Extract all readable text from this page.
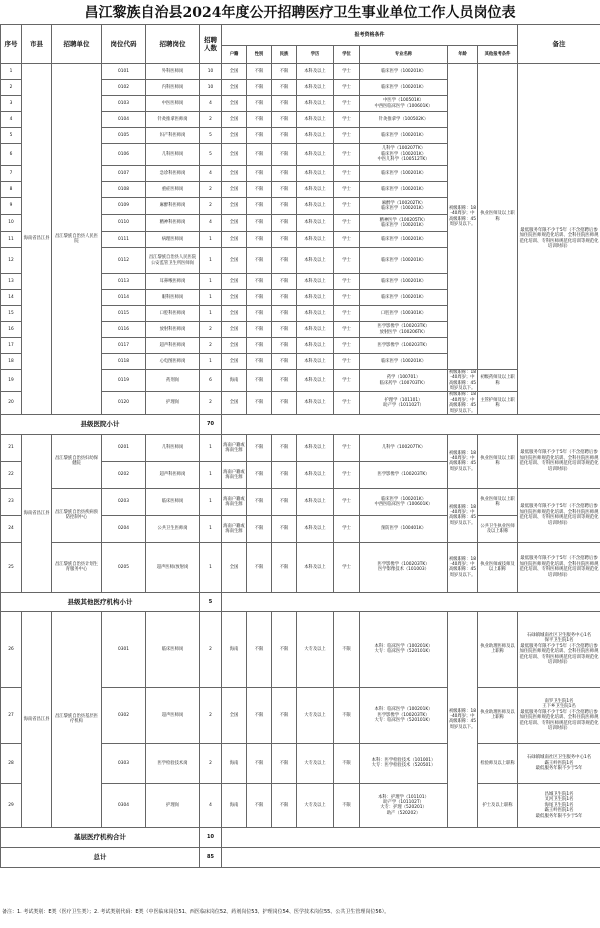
昌江黎族自治县2024年度公开招聘医疗卫生事业单位工作人员岗位表
序号	市县	招聘单位	岗位代码	招聘岗位	招聘人数	报考资格条件								备注
						户籍	性别	民族	学历	学位	专业名称	年龄	其他报考条件	
1	海南省昌江县	昌江黎族自治县人民医院	0101	外科医师岗	10	全国	不限	不限	本科及以上	学士	临床医学（100201K）	初级职称：18-40周岁；中高级职称：45周岁及以下。	执业医师及以上职称	最低服务年限不少于5年（不含招聘后参加住院医师规范化培训、全科住院医师规范化培训、专科医师规范化培训等规范化培训时间）
2			0102	内科医师岗	10	全国	不限	不限	本科及以上	学士	临床医学（100201K）			
3			0103	中医医师岗	4	全国	不限	不限	本科及以上	学士	中医学（100501K）
中西医临床医学（100601K）			
4			0104	针灸推拿医师岗	2	全国	不限	不限	本科及以上	学士	针灸推拿学（100502K）			
5			0105	妇产科医师岗	5	全国	不限	不限	本科及以上	学士	临床医学（100201K）			
6			0106	儿科医师岗	5	全国	不限	不限	本科及以上	学士	儿科学（100207TK）
临床医学（100201K）
中医儿科学（100512TK）			
7			0107	急诊科医师岗	4	全国	不限	不限	本科及以上	学士	临床医学（100201K）			
8			0108	重症医师岗	2	全国	不限	不限	本科及以上	学士	临床医学（100201K）			
9			0109	麻醉科医师岗	2	全国	不限	不限	本科及以上	学士	麻醉学（100202TK）
临床医学（100201K）			
10			0110	精神科医师岗	4	全国	不限	不限	本科及以上	学士	精神医学（100205TK）
临床医学（100201K）			
11			0111	病理医师岗	1	全国	不限	不限	本科及以上	学士	临床医学（100201K）			
12			0112	昌江黎族自治县人民医院公安监管卫生所医师岗	1	全国	不限	不限	本科及以上	学士	临床医学（100201K）			
13			0113	耳鼻喉医师岗	1	全国	不限	不限	本科及以上	学士	临床医学（100201K）			
14			0114	眼科医师岗	1	全国	不限	不限	本科及以上	学士	临床医学（100201K）			
15			0115	口腔科医师岗	1	全国	不限	不限	本科及以上	学士	口腔医学（100301K）			
16			0116	放射科医师岗	2	全国	不限	不限	本科及以上	学士	医学影像学（100203TK）
放射医学（100206TK）			
17			0117	超声科医师岗	2	全国	不限	不限	本科及以上	学士	医学影像学（100203TK）			
18			0118	心电图医师岗	1	全国	不限	不限	本科及以上	学士	临床医学（100201K）			
19			0119	药剂岗	6	海南	不限	不限	本科及以上	学士	药学（100701）
临床药学（100703TK）	初级职称：18-40周岁；中高级职称：45周岁及以下。	初级药师及以上职称	
20			0120	护理岗	2	全国	不限	不限	本科及以上	学士	护理学（101101）
助产学（101102T）	初级职称：18-40周岁；中高级职称：45周岁及以下。	主管护师及以上职称	
县级医院小计					70									
21	海南省昌江县	昌江黎族自治县妇幼保健院	0201	儿科医师岗	1	海南户籍或海南生源	不限	不限	本科及以上	学士	儿科学（100207TK）	初级职称：18-40周岁；中高级职称：45周岁及以下。	执业医师及以上职称	最低服务年限不少于5年（不含招聘后参加住院医师规范化培训、全科住院医师规范化培训、专科医师规范化培训等规范化培训时间）
22			0202	超声科医师岗	1	海南户籍或海南生源	不限	不限	本科及以上	学士	医学影像学（100203TK）			
23		昌江黎族自治县疾病预防控制中心	0203	临床医师岗	1	海南户籍或海南生源	不限	不限	本科及以上	学士	临床医学（100201K）
中西医临床医学（100601K）	初级职称：18-40周岁；中高级职称：45周岁及以下。	执业医师及以上职称	最低服务年限不少于5年（不含招聘后参加住院医师规范化培训、全科住院医师规范化培训、专科医师规范化培训等规范化培训时间）
24			0204	公共卫生医师岗	1	海南户籍或海南生源	不限	不限	本科及以上	学士	预防医学（100401K）		公共卫生执业医师及以上职称	
25		昌江黎族自治县计划生育服务中心	0205	超声医师/放射岗	1	全国	不限	不限	本科及以上	学士	医学影像学（100203TK）
医学影像技术（101003）	初级职称：18-40周岁；中高级职称：45周岁及以下。	执业医师或技师及以上职称	最低服务年限不少于5年（不含招聘后参加住院医师规范化培训、全科住院医师规范化培训、专科医师规范化培训等规范化培训时间）
县级其他医疗机构小计					5									
26	海南省昌江县	昌江黎族自治县基层医疗机构	0301	临床医师岗	2	海南	不限	不限	大专及以上	不限	本科：临床医学（100201K）
大专：临床医学（520101K）	初级职称：18-40周岁；中高级职称：45周岁及以下。	执业助理医师及以上职称	石碌镇城南社区卫生服务中心1名
保平卫生院1名
最低服务年限不少于5年（不含招聘后参加住院医师规范化培训、全科住院医师规范化培训、专科医师规范化培训等规范化培训时间）
27			0302	超声医师岗	2	全国	不限	不限	大专及以上	不限	本科：临床医学（100201K）
医学影像学（100203TK）
大专：临床医学（520101K）		执业助理医师及以上职称	南罗卫生院1名
王下乡卫生院1名
最低服务年限不少于5年（不含招聘后参加住院医师规范化培训、全科住院医师规范化培训、专科医师规范化培训等规范化培训时间）
28			0303	医学检验技术岗	2	海南	不限	不限	大专及以上	不限	本科：医学检验技术（101001）
大专：医学检验技术（520501）		检验师及以上职称	石碌镇城南社区卫生服务中心1名
霸王岭医院1名
最低服务年限不少于5年
29			0304	护理岗	4	海南	不限	不限	大专及以上	不限	本科：护理学（101101）
助产学（101102T）
大专：护理（520201）
助产（520202）		护士及以上职称	昌城卫生院1名
叉河卫生院1名
海尾卫生院1名
霸王岭医院1名
最低服务年限不少于5年
基层医疗机构合计					10									
总计					85									
备注：1. 考试类别：E类（医疗卫生类）；2. 考试类别代码：E类（中医临床岗位51、西医临床岗位52、药剂岗位53、护理岗位54、医学技术岗位55、公共卫生管理岗位56）。
